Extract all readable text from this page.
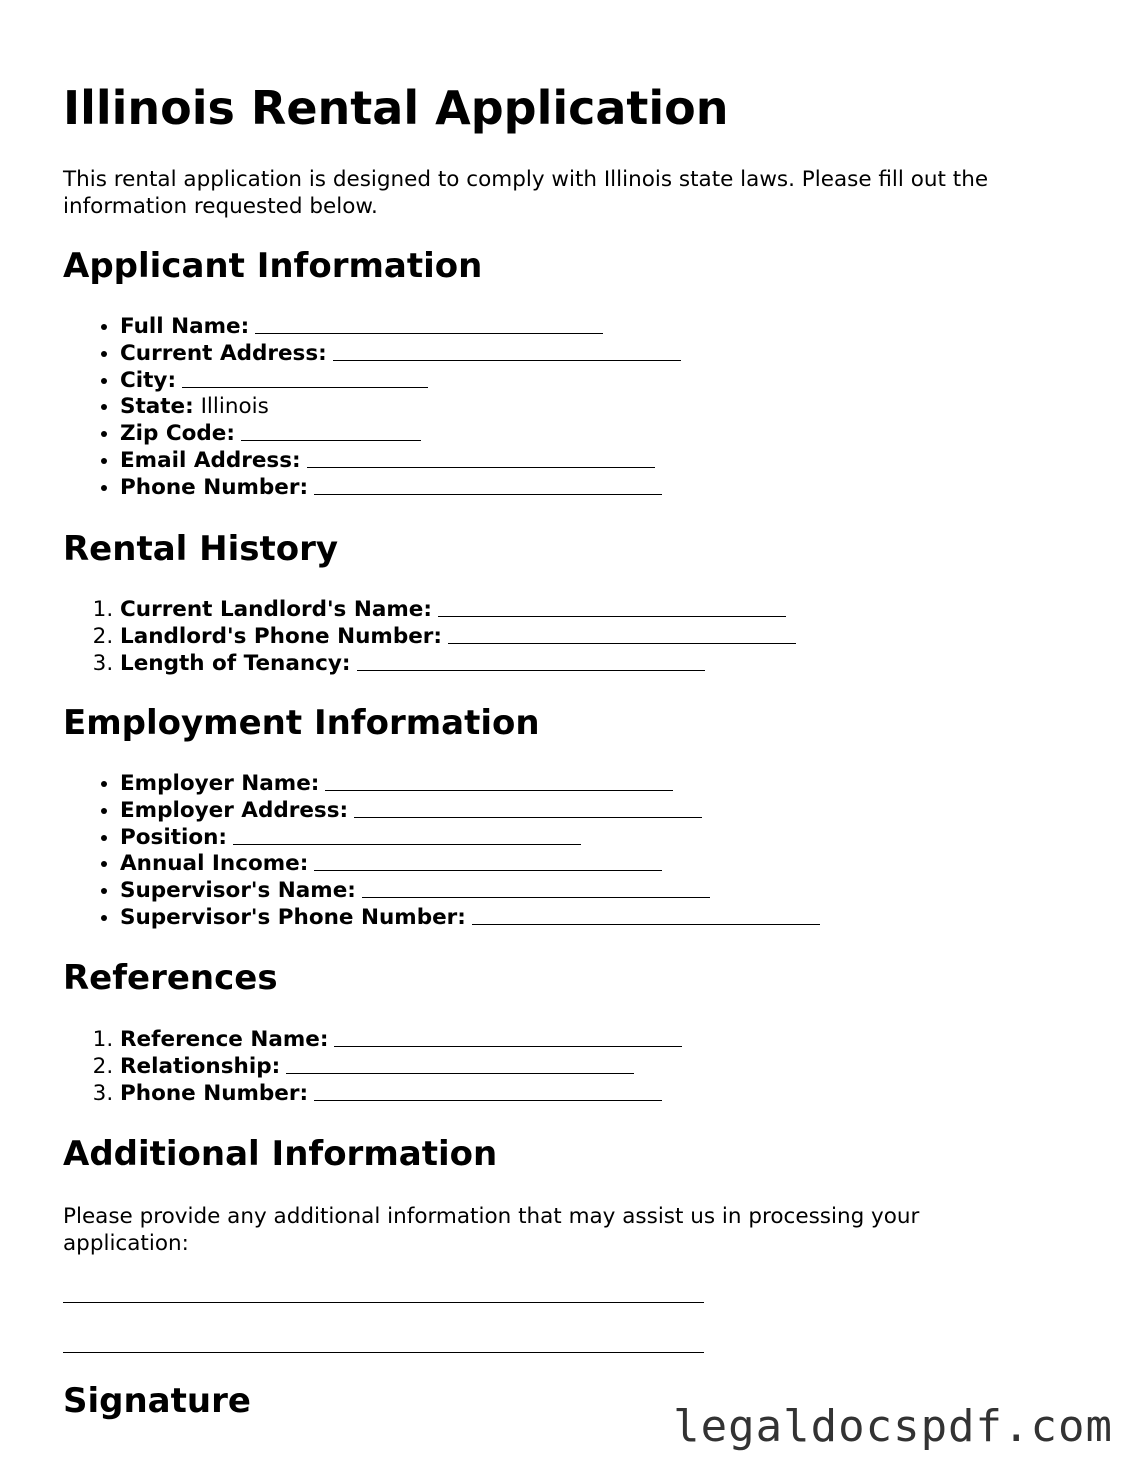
Illinois Rental Application

This rental application is designed to comply with Illinois state laws. Please fill out the information requested below.

Applicant Information
• Full Name:
• Current Address:
• City:
• State: Illinois
• Zip Code:
• Email Address:
• Phone Number:
Rental History
1. Current Landlord's Name:
2. Landlord's Phone Number:
3. Length of Tenancy:
Employment Information
• Employer Name:
• Employer Address:
• Position:
• Annual Income:
• Supervisor's Name:
• Supervisor's Phone Number:
References
1. Reference Name:
2. Relationship:
3. Phone Number:
Additional Information

Please provide any additional information that may assist us in processing your application:

Signature	legaldocspdf.com
